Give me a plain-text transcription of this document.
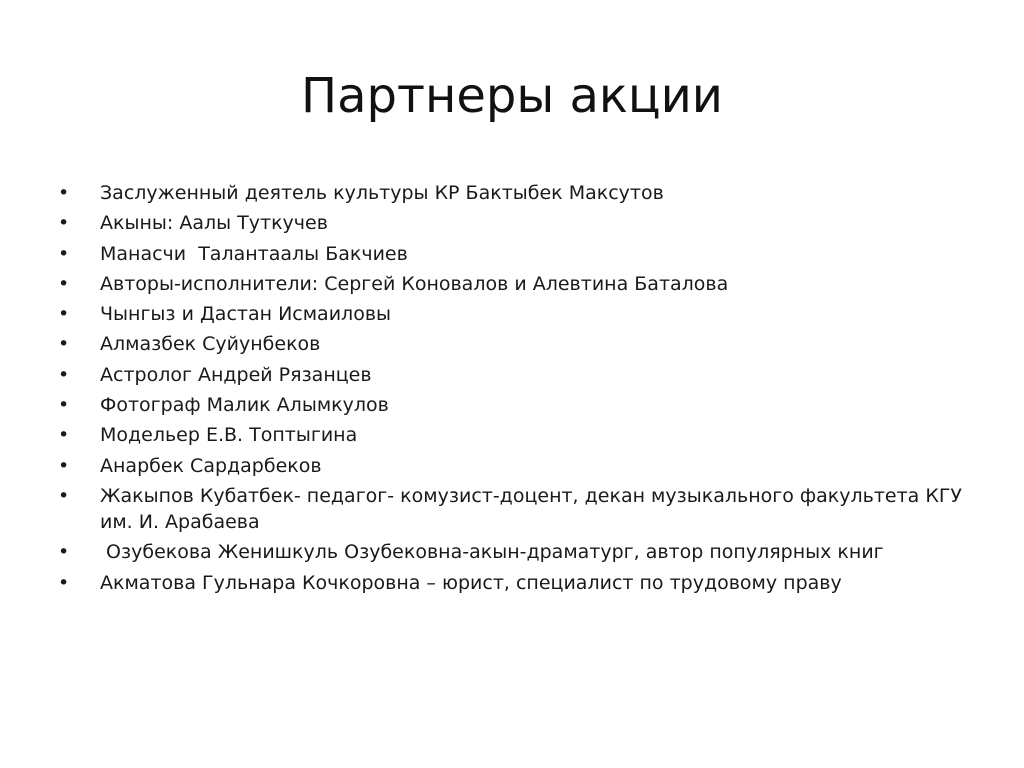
Партнеры акции
•	Заслуженный деятель культуры КР Бактыбек Максутов
•	Акыны: Аалы Туткучев
•	Манасчи  Талантаалы Бакчиев
•	Авторы-исполнители: Сергей Коновалов и Алевтина Баталова
•	Чынгыз и Дастан Исмаиловы
•	Алмазбек Суйунбеков
•	Астролог Андрей Рязанцев
•	Фотограф Малик Алымкулов
•	Модельер Е.В. Топтыгина
•	Анарбек Сардарбеков
•	Жакыпов Кубатбек- педагог- комузист-доцент, декан музыкального факультета КГУ им. И. Арабаева
•	Озубекова Женишкуль Озубековна-акын-драматург, автор популярных книг
•	Акматова Гульнара Кочкоровна – юрист, специалист по трудовому праву
